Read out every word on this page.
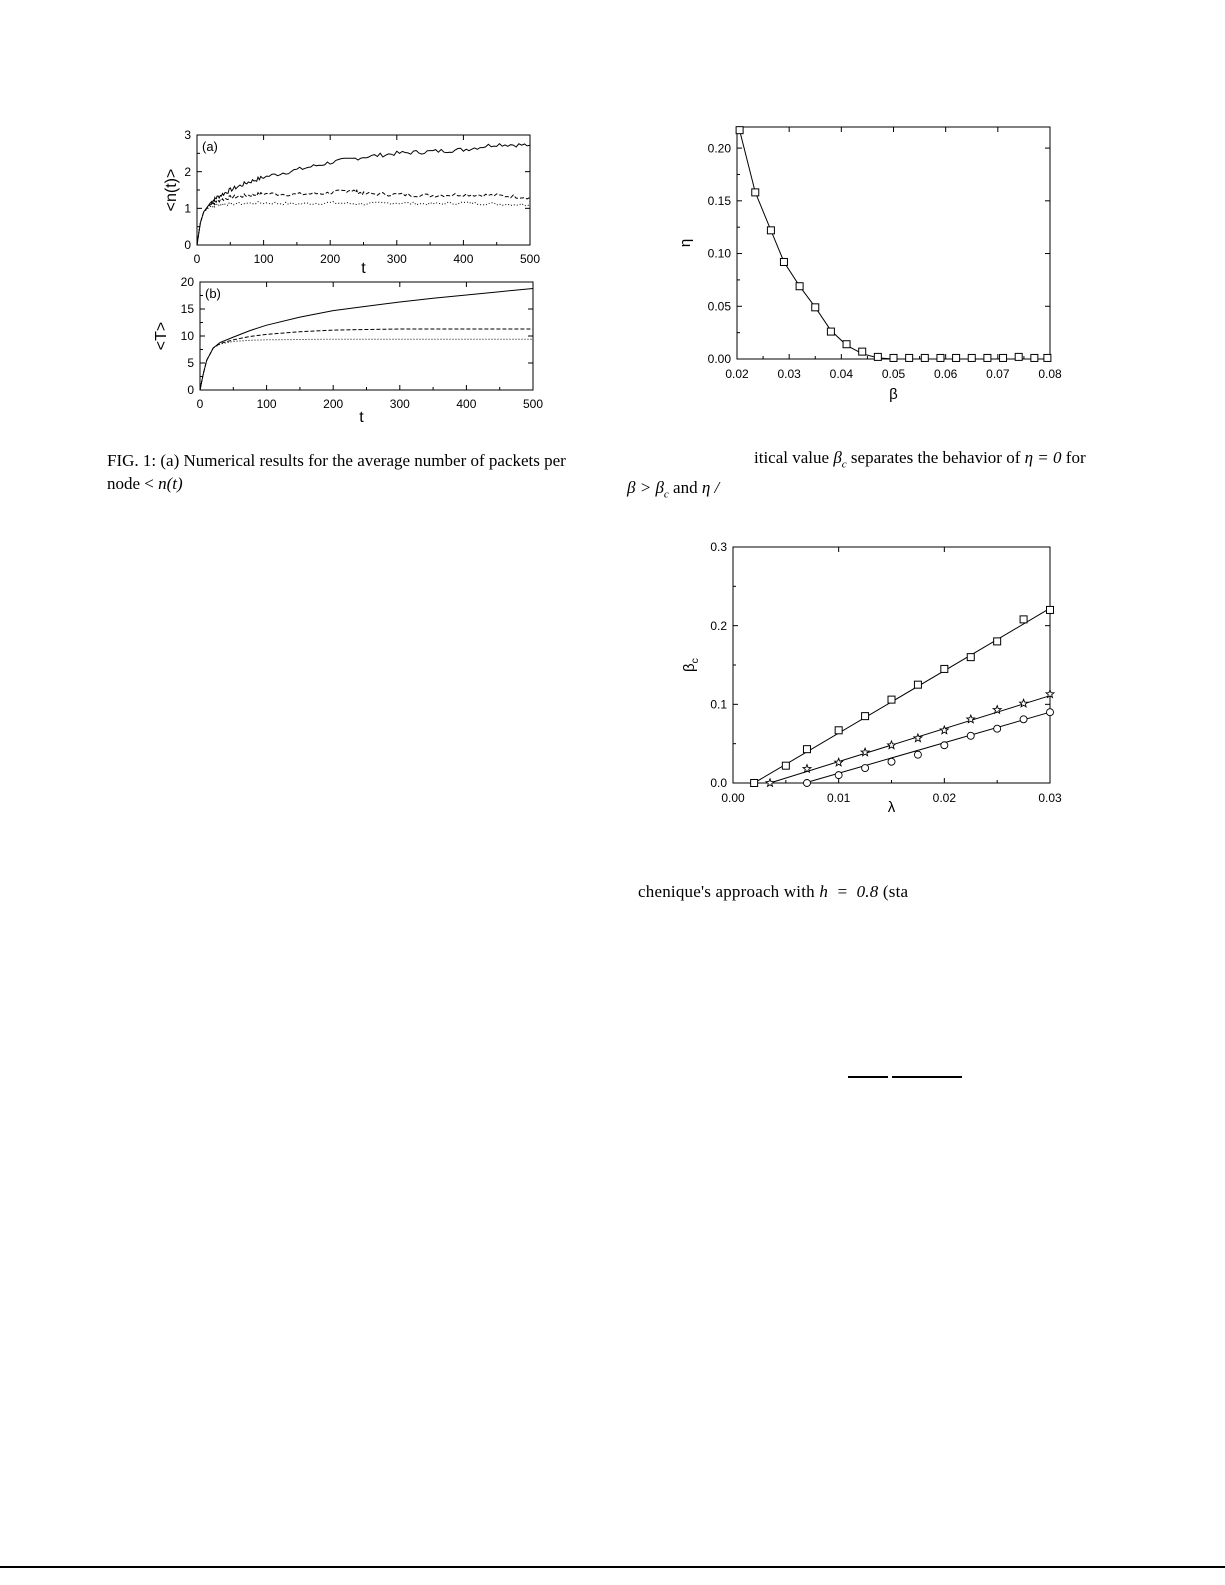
0	100	200	300	400	500
0
1
2
3
t
<n(t)>
(a)
0	100	200	300	400	500
0
5
10
15
20
t
<T>
(b)
0.02 0.03 0.04 0.05 0.06 0.07 0.08
0.00
0.05
0.10
0.15
0.20
β
η
0.00	0.01	0.02	0.03
0.0
0.1
0.2
0.3
λ
$\beta_c$
FIG. 1: (a) Numerical results for the average number of packets per
node < n(t)
itical value $\beta_c$ separates the behavior of η = 0 for
$\beta > \beta_c$ and η /
chenique's approach with h = 0.8 (sta
